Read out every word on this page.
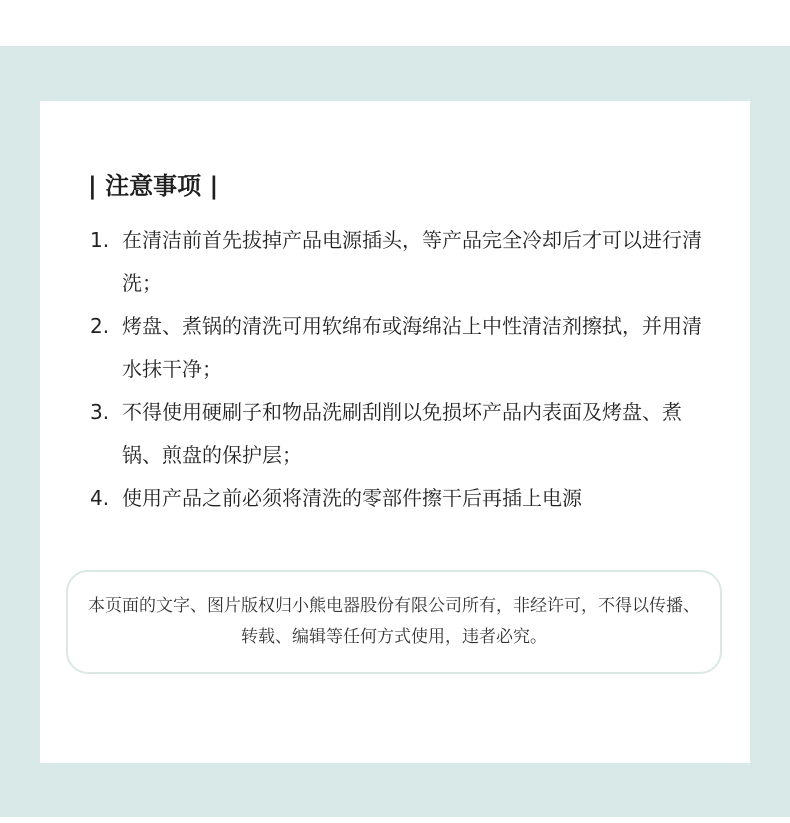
| 注意事项 |
1. 在清洁前首先拔掉产品电源插头，等产品完全冷却后才可以进行清洗；
2. 烤盘、煮锅的清洗可用软绵布或海绵沾上中性清洁剂擦拭，并用清水抹干净；
3. 不得使用硬刷子和物品洗刷刮削以免损坏产品内表面及烤盘、煮锅、煎盘的保护层；
4. 使用产品之前必须将清洗的零部件擦干后再插上电源

本页面的文字、图片版权归小熊电器股份有限公司所有，非经许可，不得以传播、转载、编辑等任何方式使用，违者必究。
